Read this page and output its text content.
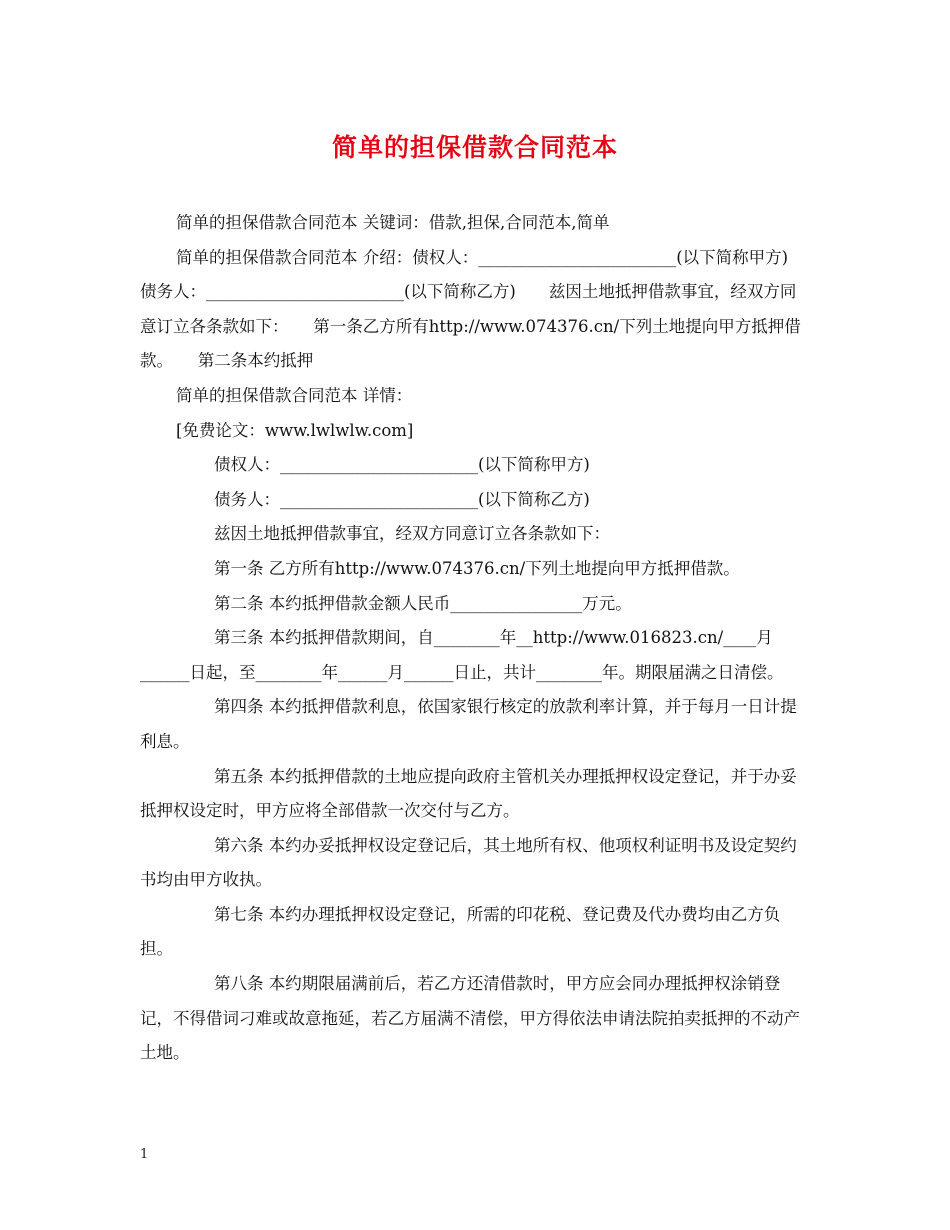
简单的担保借款合同范本

简单的担保借款合同范本 关键词：借款,担保,合同范本,简单

简单的担保借款合同范本 介绍：债权人：________________________(以下简称甲方)　　债务人：________________________(以下简称乙方)　　兹因土地抵押借款事宜，经双方同意订立各条款如下：　　第一条乙方所有http://www.074376.cn/下列土地提向甲方抵押借款。　　第二条本约抵押

简单的担保借款合同范本 详情：

[免费论文：www.lwlwlw.com]

债权人：________________________(以下简称甲方)

债务人：________________________(以下简称乙方)

兹因土地抵押借款事宜，经双方同意订立各条款如下：

第一条 乙方所有http://www.074376.cn/下列土地提向甲方抵押借款。

第二条 本约抵押借款金额人民币________________万元。

第三条 本约抵押借款期间，自________年__http://www.016823.cn/____月______日起，至________年______月______日止，共计________年。期限届满之日清偿。

第四条 本约抵押借款利息，依国家银行核定的放款利率计算，并于每月一日计提利息。

第五条 本约抵押借款的土地应提向政府主管机关办理抵押权设定登记，并于办妥抵押权设定时，甲方应将全部借款一次交付与乙方。

第六条 本约办妥抵押权设定登记后，其土地所有权、他项权利证明书及设定契约书均由甲方收执。

第七条 本约办理抵押权设定登记，所需的印花税、登记费及代办费均由乙方负担。

第八条 本约期限届满前后，若乙方还清借款时，甲方应会同办理抵押权涂销登记，不得借词刁难或故意拖延，若乙方届满不清偿，甲方得依法申请法院拍卖抵押的不动产土地。

1
